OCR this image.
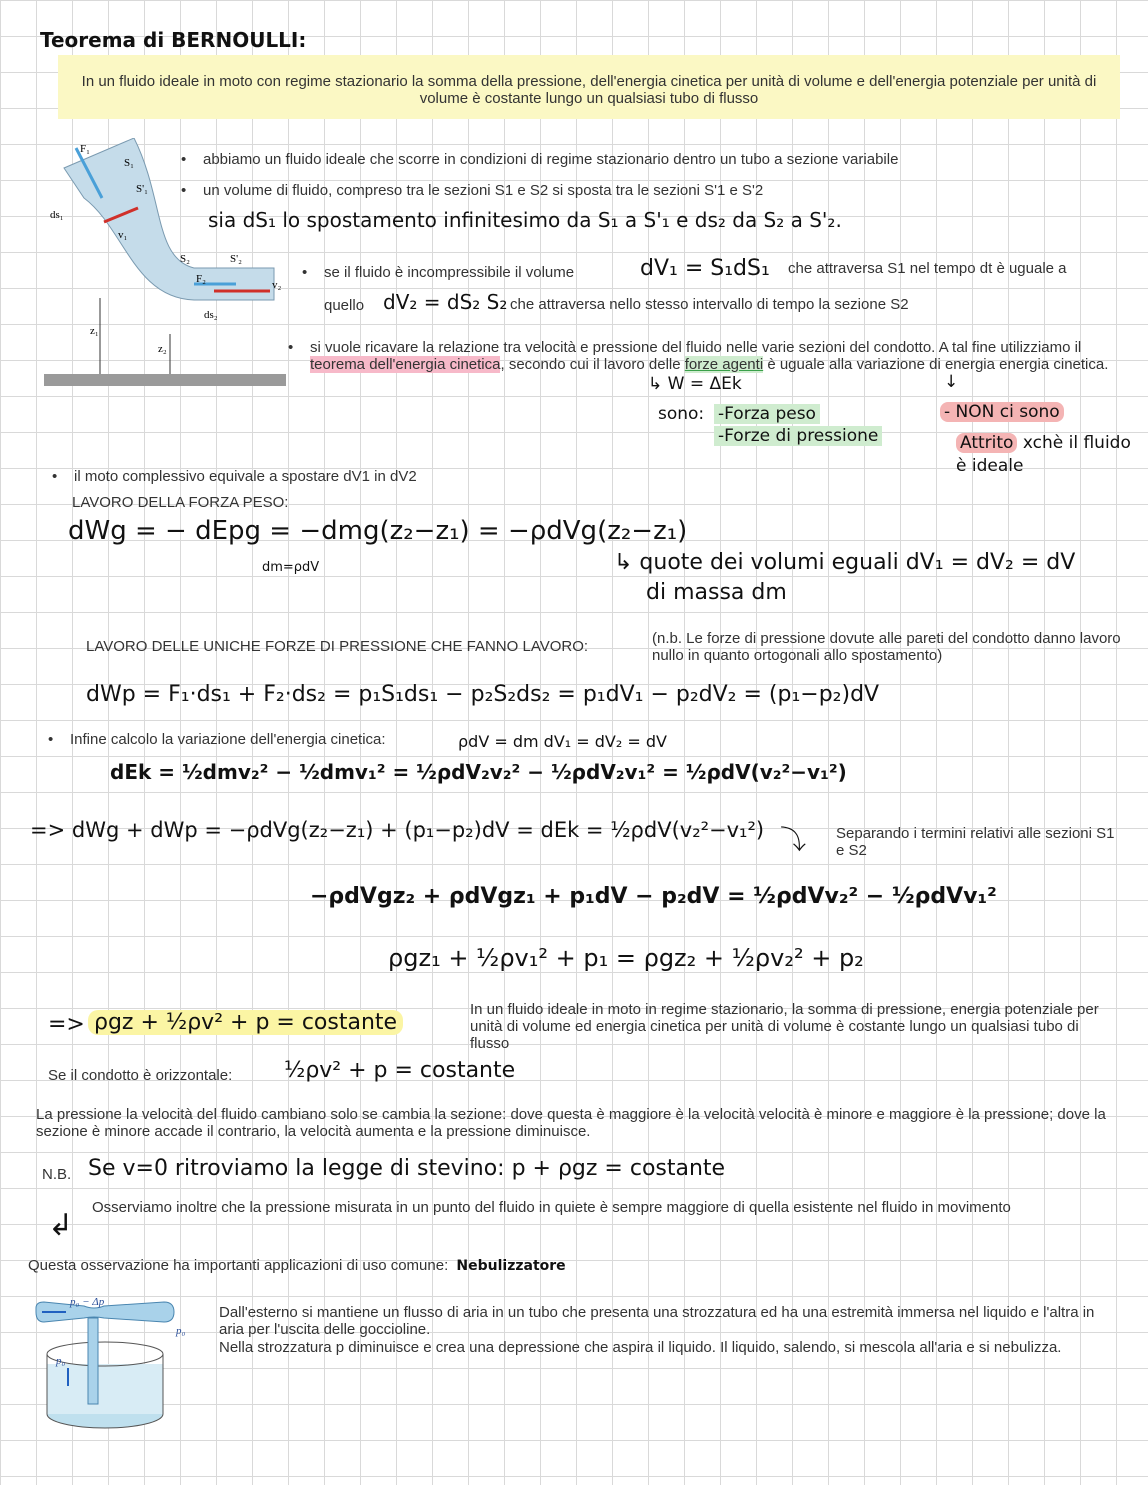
Teorema di BERNOULLI:
In un fluido ideale in moto con regime stazionario la somma della pressione, dell'energia cinetica per unità di volume e dell'energia potenziale per unità di volume è costante lungo un qualsiasi tubo di flusso
F₁
S₁
S'₁
ds₁
v₁
S₂	S'₂
F₂	v₂
ds₂
z₁
z₂
• abbiamo un fluido ideale che scorre in condizioni di regime stazionario dentro un tubo a sezione variabile
• un volume di fluido, compreso tra le sezioni S1 e S2 si sposta tra le sezioni S'1 e S'2
sia dS₁ lo spostamento infinitesimo da S₁ a S'₁ e ds₂ da S₂ a S'₂.
• se il fluido è incompressibile il volume	dV₁ = S₁dS₁ che attraversa S1 nel tempo dt è uguale a
quello dV₂ = dS₂ S₂ che attraversa nello stesso intervallo di tempo la sezione S2
• si vuole ricavare la relazione tra velocità e pressione del fluido nelle varie sezioni del condotto. A tal fine utilizziamo il teorema dell'energia cinetica, secondo cui il lavoro delle forze agenti è uguale alla variazione di energia energia cinetica.
↳ W = ΔEk	↓
sono: -Forza peso
-Forze di pressione
- NON ci sono
Attrito xchè il fluido è ideale
• il moto complessivo equivale a spostare dV1 in dV2
LAVORO DELLA FORZA PESO:
dWg = − dEpg = −dmg(z₂−z₁) = −ρdVg(z₂−z₁)
dm=ρdV	↳ quote dei volumi eguali dV₁ = dV₂ = dV
di massa dm
LAVORO DELLE UNICHE FORZE DI PRESSIONE CHE FANNO LAVORO:	(n.b. Le forze di pressione dovute alle pareti del condotto danno lavoro nullo in quanto ortogonali allo spostamento)
dWp = F₁·ds₁ + F₂·ds₂ = p₁S₁ds₁ − p₂S₂ds₂ = p₁dV₁ − p₂dV₂ = (p₁−p₂)dV
• Infine calcolo la variazione dell'energia cinetica:	ρdV = dm dV₁ = dV₂ = dV
dEk = ½dmv₂² − ½dmv₁² = ½ρdV₂v₂² − ½ρdV₂v₁² = ½ρdV(v₂²−v₁²)
=> dWg + dWp = −ρdVg(z₂−z₁) + (p₁−p₂)dV = dEk = ½ρdV(v₂²−v₁²) ⤵ Separando i termini relativi alle sezioni S1 e S2
−ρdVgz₂ + ρdVgz₁ + p₁dV − p₂dV = ½ρdVv₂² − ½ρdVv₁²
ρgz₁ + ½ρv₁² + p₁ = ρgz₂ + ½ρv₂² + p₂
=> ρgz + ½ρv² + p = costante
In un fluido ideale in moto in regime stazionario, la somma di pressione, energia potenziale per unità di volume ed energia cinetica per unità di volume è costante lungo un qualsiasi tubo di flusso
Se il condotto è orizzontale: ½ρv² + p = costante
La pressione la velocità del fluido cambiano solo se cambia la sezione: dove questa è maggiore è la velocità velocità è minore e maggiore è la pressione; dove la sezione è minore accade il contrario, la velocità aumenta e la pressione diminuisce.
N.B. Se v=0 ritroviamo la legge di stevino: p + ρgz = costante
↲
Osserviamo inoltre che la pressione misurata in un punto del fluido in quiete è sempre maggiore di quella esistente nel fluido in movimento
Questa osservazione ha importanti applicazioni di uso comune: Nebulizzatore
p₀ − Δp
p₀
p₀
Dall'esterno si mantiene un flusso di aria in un tubo che presenta una strozzatura ed ha una estremità immersa nel liquido e l'altra in aria per l'uscita delle goccioline.
Nella strozzatura p diminuisce e crea una depressione che aspira il liquido. Il liquido, salendo, si mescola all'aria e si nebulizza.
